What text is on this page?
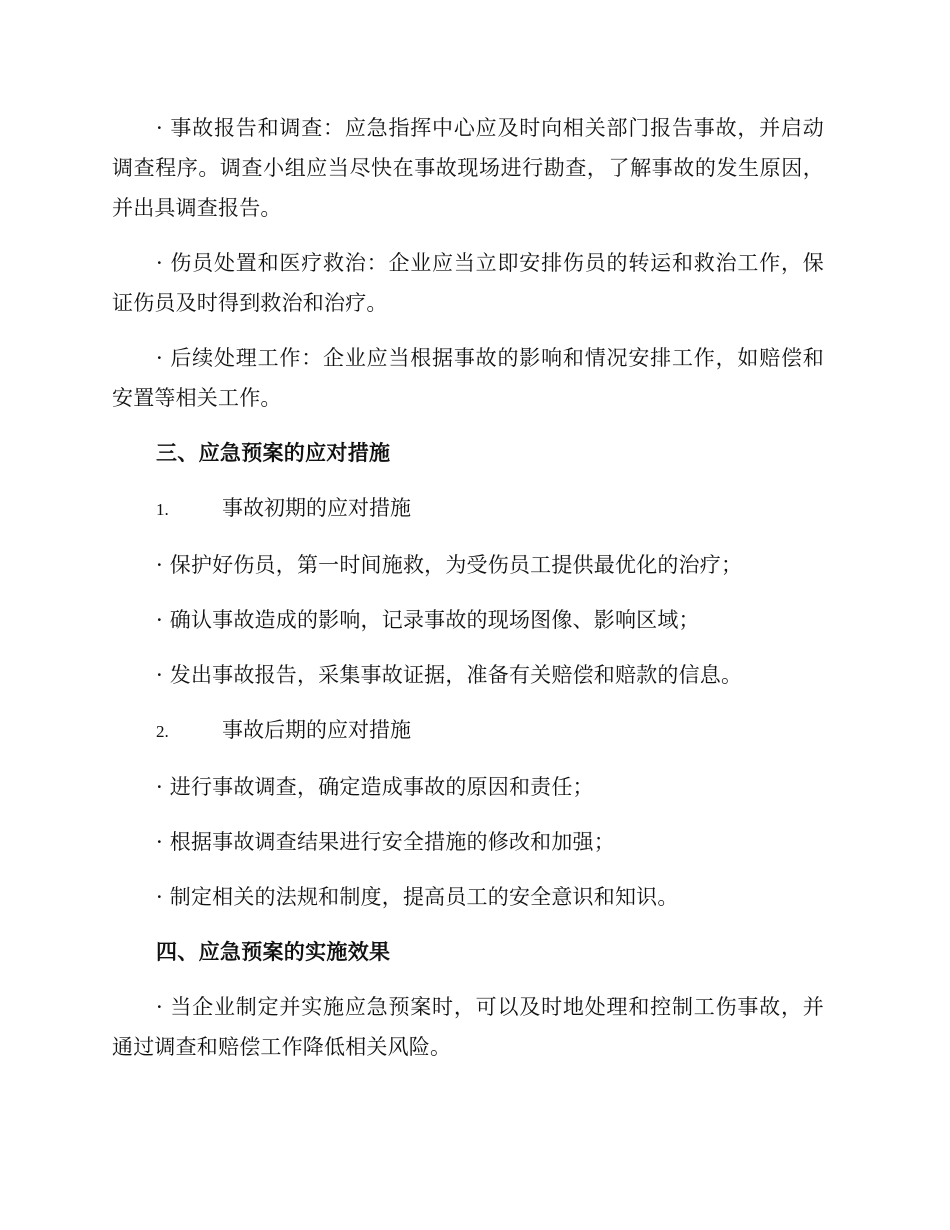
· 事故报告和调查：应急指挥中心应及时向相关部门报告事故，并启动调查程序。调查小组应当尽快在事故现场进行勘查，了解事故的发生原因，并出具调查报告。

· 伤员处置和医疗救治：企业应当立即安排伤员的转运和救治工作，保证伤员及时得到救治和治疗。

· 后续处理工作：企业应当根据事故的影响和情况安排工作，如赔偿和安置等相关工作。

三、应急预案的应对措施
1.	事故初期的应对措施

· 保护好伤员，第一时间施救，为受伤员工提供最优化的治疗；

· 确认事故造成的影响，记录事故的现场图像、影响区域；

· 发出事故报告，采集事故证据，准备有关赔偿和赔款的信息。

2.	事故后期的应对措施

· 进行事故调查，确定造成事故的原因和责任；

· 根据事故调查结果进行安全措施的修改和加强；

· 制定相关的法规和制度，提高员工的安全意识和知识。

四、应急预案的实施效果

· 当企业制定并实施应急预案时，可以及时地处理和控制工伤事故，并通过调查和赔偿工作降低相关风险。
